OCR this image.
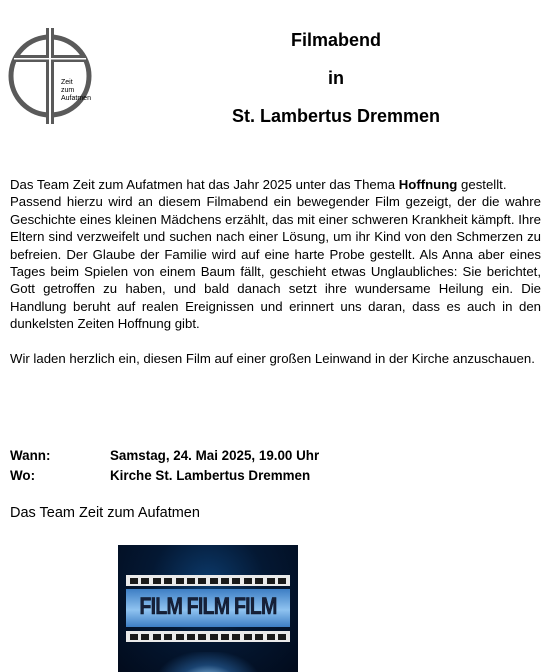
Zeit
zum
Aufatmen
Filmabend
in
St. Lambertus Dremmen

Das Team Zeit zum Aufatmen hat das Jahr 2025 unter das Thema Hoffnung gestellt.

Passend hierzu wird an diesem Filmabend ein bewegender Film gezeigt, der die wahre Geschichte eines kleinen Mädchens erzählt, das mit einer schweren Krankheit kämpft. Ihre Eltern sind verzweifelt und suchen nach einer Lösung, um ihr Kind von den Schmerzen zu befreien. Der Glaube der Familie wird auf eine harte Probe gestellt. Als Anna aber eines Tages beim Spielen von einem Baum fällt, geschieht etwas Unglaubliches: Sie berichtet, Gott getroffen zu haben, und bald danach setzt ihre wundersame Heilung ein. Die Handlung beruht auf realen Ereignissen und erinnert uns daran, dass es auch in den dunkelsten Zeiten Hoffnung gibt.

Wir laden herzlich ein, diesen Film auf einer großen Leinwand in der Kirche anzuschauen.

Wann:	Samstag, 24. Mai 2025, 19.00 Uhr
Wo:	Kirche St. Lambertus Dremmen
Das Team Zeit zum Aufatmen
FILM FILM FILM
